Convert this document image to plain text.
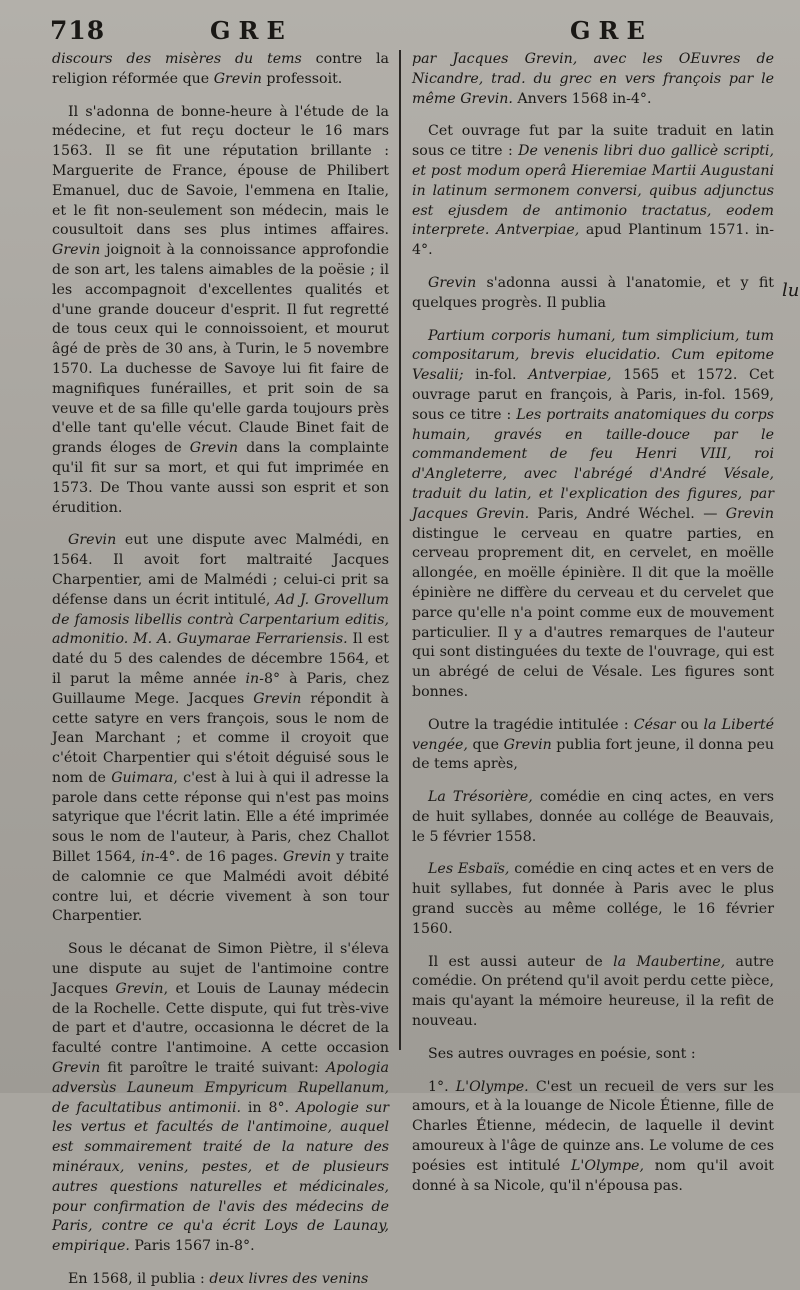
718	GRE	GRE

discours des misères du tems contre la religion réformée que Grevin professoit.

Il s'adonna de bonne-heure à l'étude de la médecine, et fut reçu docteur le 16 mars 1563. Il se fit une réputation brillante : Marguerite de France, épouse de Philibert Emanuel, duc de Savoie, l'emmena en Italie, et le fit non-seulement son médecin, mais le cousultoit dans ses plus intimes affaires. Grevin joignoit à la connoissance approfondie de son art, les talens aimables de la poësie ; il les accompagnoit d'excellentes qualités et d'une grande douceur d'esprit. Il fut regretté de tous ceux qui le connoissoient, et mourut âgé de près de 30 ans, à Turin, le 5 novembre 1570. La duchesse de Savoye lui fit faire de magnifiques funérailles, et prit soin de sa veuve et de sa fille qu'elle garda toujours près d'elle tant qu'elle vécut. Claude Binet fait de grands éloges de Grevin dans la complainte qu'il fit sur sa mort, et qui fut imprimée en 1573. De Thou vante aussi son esprit et son érudition.

Grevin eut une dispute avec Malmédi, en 1564. Il avoit fort maltraité Jacques Charpentier, ami de Malmédi ; celui-ci prit sa défense dans un écrit intitulé, Ad J. Grovellum de famosis libellis contrà Carpentarium editis, admonitio. M. A. Guymarae Ferrariensis. Il est daté du 5 des calendes de décembre 1564, et il parut la même année in-8° à Paris, chez Guillaume Mege. Jacques Grevin répondit à cette satyre en vers françois, sous le nom de Jean Marchant ; et comme il croyoit que c'étoit Charpentier qui s'étoit déguisé sous le nom de Guimara, c'est à lui à qui il adresse la parole dans cette réponse qui n'est pas moins satyrique que l'écrit latin. Elle a été imprimée sous le nom de l'auteur, à Paris, chez Challot Billet 1564, in-4°. de 16 pages. Grevin y traite de calomnie ce que Malmédi avoit débité contre lui, et décrie vivement à son tour Charpentier.

Sous le décanat de Simon Piètre, il s'éleva une dispute au sujet de l'antimoine contre Jacques Grevin, et Louis de Launay médecin de la Rochelle. Cette dispute, qui fut très-vive de part et d'autre, occasionna le décret de la faculté contre l'antimoine. A cette occasion Grevin fit paroître le traité suivant: Apologia adversùs Launeum Empyricum Rupellanum, de facultatibus antimonii. in 8°. Apologie sur les vertus et facultés de l'antimoine, auquel est sommairement traité de la nature des minéraux, venins, pestes, et de plusieurs autres questions naturelles et médicinales, pour confirmation de l'avis des médecins de Paris, contre ce qu'a écrit Loys de Launay, empirique. Paris 1567 in-8°.

En 1568, il publia : deux livres des venins

par Jacques Grevin, avec les OEuvres de Nicandre, trad. du grec en vers françois par le même Grevin. Anvers 1568 in-4°.

Cet ouvrage fut par la suite traduit en latin sous ce titre : De venenis libri duo gallicè scripti, et post modum operâ Hieremiae Martii Augustani in latinum sermonem conversi, quibus adjunctus est ejusdem de antimonio tractatus, eodem interprete. Antverpiae, apud Plantinum 1571. in-4°.

Grevin s'adonna aussi à l'anatomie, et y fit quelques progrès. Il publia

Partium corporis humani, tum simplicium, tum compositarum, brevis elucidatio. Cum epitome Vesalii; in-fol. Antverpiae, 1565 et 1572. Cet ouvrage parut en françois, à Paris, in-fol. 1569, sous ce titre : Les portraits anatomiques du corps humain, gravés en taille-douce par le commandement de feu Henri VIII, roi d'Angleterre, avec l'abrégé d'André Vésale, traduit du latin, et l'explication des figures, par Jacques Grevin. Paris, André Wéchel. — Grevin distingue le cerveau en quatre parties, en cerveau proprement dit, en cervelet, en moëlle allongée, en moëlle épinière. Il dit que la moëlle épinière ne diffère du cerveau et du cervelet que parce qu'elle n'a point comme eux de mouvement particulier. Il y a d'autres remarques de l'auteur qui sont distinguées du texte de l'ouvrage, qui est un abrégé de celui de Vésale. Les figures sont bonnes.

Outre la tragédie intitulée : César ou la Liberté vengée, que Grevin publia fort jeune, il donna peu de tems après,

La Trésorière, comédie en cinq actes, en vers de huit syllabes, donnée au collége de Beauvais, le 5 février 1558.

Les Esbaïs, comédie en cinq actes et en vers de huit syllabes, fut donnée à Paris avec le plus grand succès au même collége, le 16 février 1560.

Il est aussi auteur de la Maubertine, autre comédie. On prétend qu'il avoit perdu cette pièce, mais qu'ayant la mémoire heureuse, il la refit de nouveau.

Ses autres ouvrages en poésie, sont :

1°. L'Olympe. C'est un recueil de vers sur les amours, et à la louange de Nicole Étienne, fille de Charles Étienne, médecin, de laquelle il devint amoureux à l'âge de quinze ans. Le volume de ces poésies est intitulé L'Olympe, nom qu'il avoit donné à sa Nicole, qu'il n'épousa pas.

lu
